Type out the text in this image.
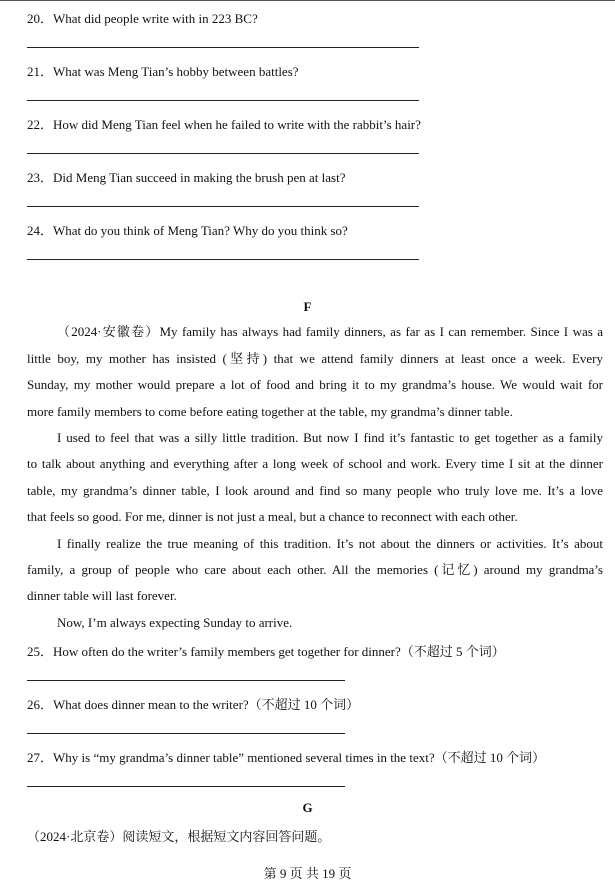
20．What did people write with in 223 BC?
21．What was Meng Tian’s hobby between battles?
22．How did Meng Tian feel when he failed to write with the rabbit’s hair?
23．Did Meng Tian succeed in making the brush pen at last?
24．What do you think of Meng Tian? Why do you think so?
F
（2024·安徽卷）My family has always had family dinners, as far as I can remember. Since I was a
little boy, my mother has insisted (坚持) that we attend family dinners at least once a week. Every
Sunday, my mother would prepare a lot of food and bring it to my grandma’s house. We would wait for
more family members to come before eating together at the table, my grandma’s dinner table.
I used to feel that was a silly little tradition. But now I find it’s fantastic to get together as a family
to talk about anything and everything after a long week of school and work. Every time I sit at the dinner
table, my grandma’s dinner table, I look around and find so many people who truly love me. It’s a love
that feels so good. For me, dinner is not just a meal, but a chance to reconnect with each other.
I finally realize the true meaning of this tradition. It’s not about the dinners or activities. It’s about
family, a group of people who care about each other. All the memories (记忆) around my grandma’s
dinner table will last forever.
Now, I’m always expecting Sunday to arrive.
25．How often do the writer’s family members get together for dinner?（不超过 5 个词）
26．What does dinner mean to the writer?（不超过 10 个词）
27．Why is “my grandma’s dinner table” mentioned several times in the text?（不超过 10 个词）
G
（2024·北京卷）阅读短文，根据短文内容回答问题。
第 9 页 共 19 页
